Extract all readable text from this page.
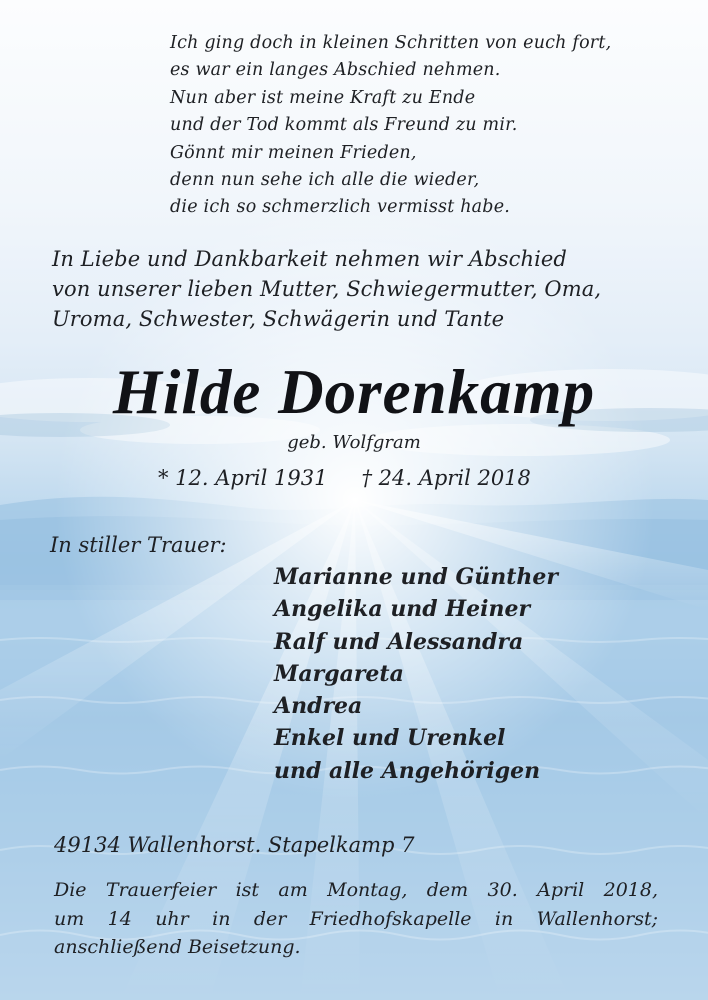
Ich ging doch in kleinen Schritten von euch fort,
es war ein langes Abschied nehmen.
Nun aber ist meine Kraft zu Ende
und der Tod kommt als Freund zu mir.
Gönnt mir meinen Frieden,
denn nun sehe ich alle die wieder,
die ich so schmerzlich vermisst habe.
In Liebe und Dankbarkeit nehmen wir Abschied
von unserer lieben Mutter, Schwiegermutter, Oma,
Uroma, Schwester, Schwägerin und Tante
Hilde Dorenkamp
geb. Wolfgram
* 12. April 1931 † 24. April 2018
In stiller Trauer:
Marianne und Günther
Angelika und Heiner
Ralf und Alessandra
Margareta
Andrea
Enkel und Urenkel
und alle Angehörigen
49134 Wallenhorst. Stapelkamp 7
Die Trauerfeier ist am Montag, dem 30. April 2018,
um 14 uhr in der Friedhofskapelle in Wallenhorst;
anschließend Beisetzung.
